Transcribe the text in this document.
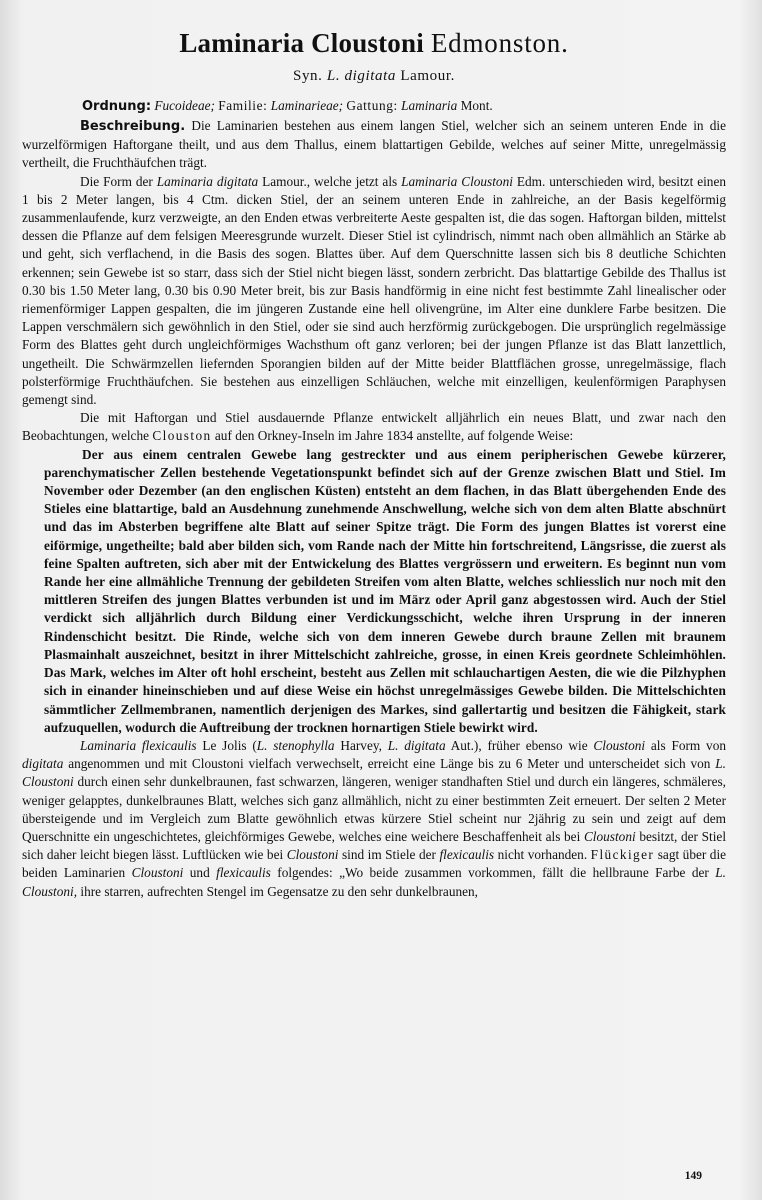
Laminaria Cloustoni Edmonston.
Syn. L. digitata Lamour.
Ordnung: Fucoideae; Familie: Laminarieae; Gattung: Laminaria Mont.

Beschreibung. Die Laminarien bestehen aus einem langen Stiel, welcher sich an seinem unteren Ende in die wurzelförmigen Haftorgane theilt, und aus dem Thallus, einem blattartigen Gebilde, welches auf seiner Mitte, unregelmässig vertheilt, die Fruchthäufchen trägt.

Die Form der Laminaria digitata Lamour., welche jetzt als Laminaria Cloustoni Edm. unterschieden wird, besitzt einen 1 bis 2 Meter langen, bis 4 Ctm. dicken Stiel, der an seinem unteren Ende in zahlreiche, an der Basis kegelförmig zusammenlaufende, kurz verzweigte, an den Enden etwas verbreiterte Aeste gespalten ist, die das sogen. Haftorgan bilden, mittelst dessen die Pflanze auf dem felsigen Meeresgrunde wurzelt. Dieser Stiel ist cylindrisch, nimmt nach oben allmählich an Stärke ab und geht, sich verflachend, in die Basis des sogen. Blattes über. Auf dem Querschnitte lassen sich bis 8 deutliche Schichten erkennen; sein Gewebe ist so starr, dass sich der Stiel nicht biegen lässt, sondern zerbricht. Das blattartige Gebilde des Thallus ist 0.30 bis 1.50 Meter lang, 0.30 bis 0.90 Meter breit, bis zur Basis handförmig in eine nicht fest bestimmte Zahl linealischer oder riemenförmiger Lappen gespalten, die im jüngeren Zustande eine hell olivengrüne, im Alter eine dunklere Farbe besitzen. Die Lappen verschmälern sich gewöhnlich in den Stiel, oder sie sind auch herzförmig zurückgebogen. Die ursprünglich regelmässige Form des Blattes geht durch ungleichförmiges Wachsthum oft ganz verloren; bei der jungen Pflanze ist das Blatt lanzettlich, ungetheilt. Die Schwärmzellen liefernden Sporangien bilden auf der Mitte beider Blattflächen grosse, unregelmässige, flach polsterförmige Fruchthäufchen. Sie bestehen aus einzelligen Schläuchen, welche mit einzelligen, keulenförmigen Paraphysen gemengt sind.

Die mit Haftorgan und Stiel ausdauernde Pflanze entwickelt alljährlich ein neues Blatt, und zwar nach den Beobachtungen, welche Clouston auf den Orkney-Inseln im Jahre 1834 anstellte, auf folgende Weise:

Der aus einem centralen Gewebe lang gestreckter und aus einem peripherischen Gewebe kürzerer, parenchymatischer Zellen bestehende Vegetationspunkt befindet sich auf der Grenze zwischen Blatt und Stiel. Im November oder Dezember (an den englischen Küsten) entsteht an dem flachen, in das Blatt übergehenden Ende des Stieles eine blattartige, bald an Ausdehnung zunehmende Anschwellung, welche sich von dem alten Blatte abschnürt und das im Absterben begriffene alte Blatt auf seiner Spitze trägt. Die Form des jungen Blattes ist vorerst eine eiförmige, ungetheilte; bald aber bilden sich, vom Rande nach der Mitte hin fortschreitend, Längsrisse, die zuerst als feine Spalten auftreten, sich aber mit der Entwickelung des Blattes vergrössern und erweitern. Es beginnt nun vom Rande her eine allmähliche Trennung der gebildeten Streifen vom alten Blatte, welches schliesslich nur noch mit den mittleren Streifen des jungen Blattes verbunden ist und im März oder April ganz abgestossen wird. Auch der Stiel verdickt sich alljährlich durch Bildung einer Verdickungsschicht, welche ihren Ursprung in der inneren Rindenschicht besitzt. Die Rinde, welche sich von dem inneren Gewebe durch braune Zellen mit braunem Plasmainhalt auszeichnet, besitzt in ihrer Mittelschicht zahlreiche, grosse, in einen Kreis geordnete Schleimhöhlen. Das Mark, welches im Alter oft hohl erscheint, besteht aus Zellen mit schlauchartigen Aesten, die wie die Pilzhyphen sich in einander hineinschieben und auf diese Weise ein höchst unregelmässiges Gewebe bilden. Die Mittelschichten sämmtlicher Zellmembranen, namentlich derjenigen des Markes, sind gallertartig und besitzen die Fähigkeit, stark aufzuquellen, wodurch die Auftreibung der trocknen hornartigen Stiele bewirkt wird.

Laminaria flexicaulis Le Jolis (L. stenophylla Harvey, L. digitata Aut.), früher ebenso wie Cloustoni als Form von digitata angenommen und mit Cloustoni vielfach verwechselt, erreicht eine Länge bis zu 6 Meter und unterscheidet sich von L. Cloustoni durch einen sehr dunkelbraunen, fast schwarzen, längeren, weniger standhaften Stiel und durch ein längeres, schmäleres, weniger gelapptes, dunkelbraunes Blatt, welches sich ganz allmählich, nicht zu einer bestimmten Zeit erneuert. Der selten 2 Meter übersteigende und im Vergleich zum Blatte gewöhnlich etwas kürzere Stiel scheint nur 2jährig zu sein und zeigt auf dem Querschnitte ein ungeschichtetes, gleichförmiges Gewebe, welches eine weichere Beschaffenheit als bei Cloustoni besitzt, der Stiel sich daher leicht biegen lässt. Luftlücken wie bei Cloustoni sind im Stiele der flexicaulis nicht vorhanden. Flückiger sagt über die beiden Laminarien Cloustoni und flexicaulis folgendes: „Wo beide zusammen vorkommen, fällt die hellbraune Farbe der L. Cloustoni, ihre starren, aufrechten Stengel im Gegensatze zu den sehr dunkelbraunen,

149
